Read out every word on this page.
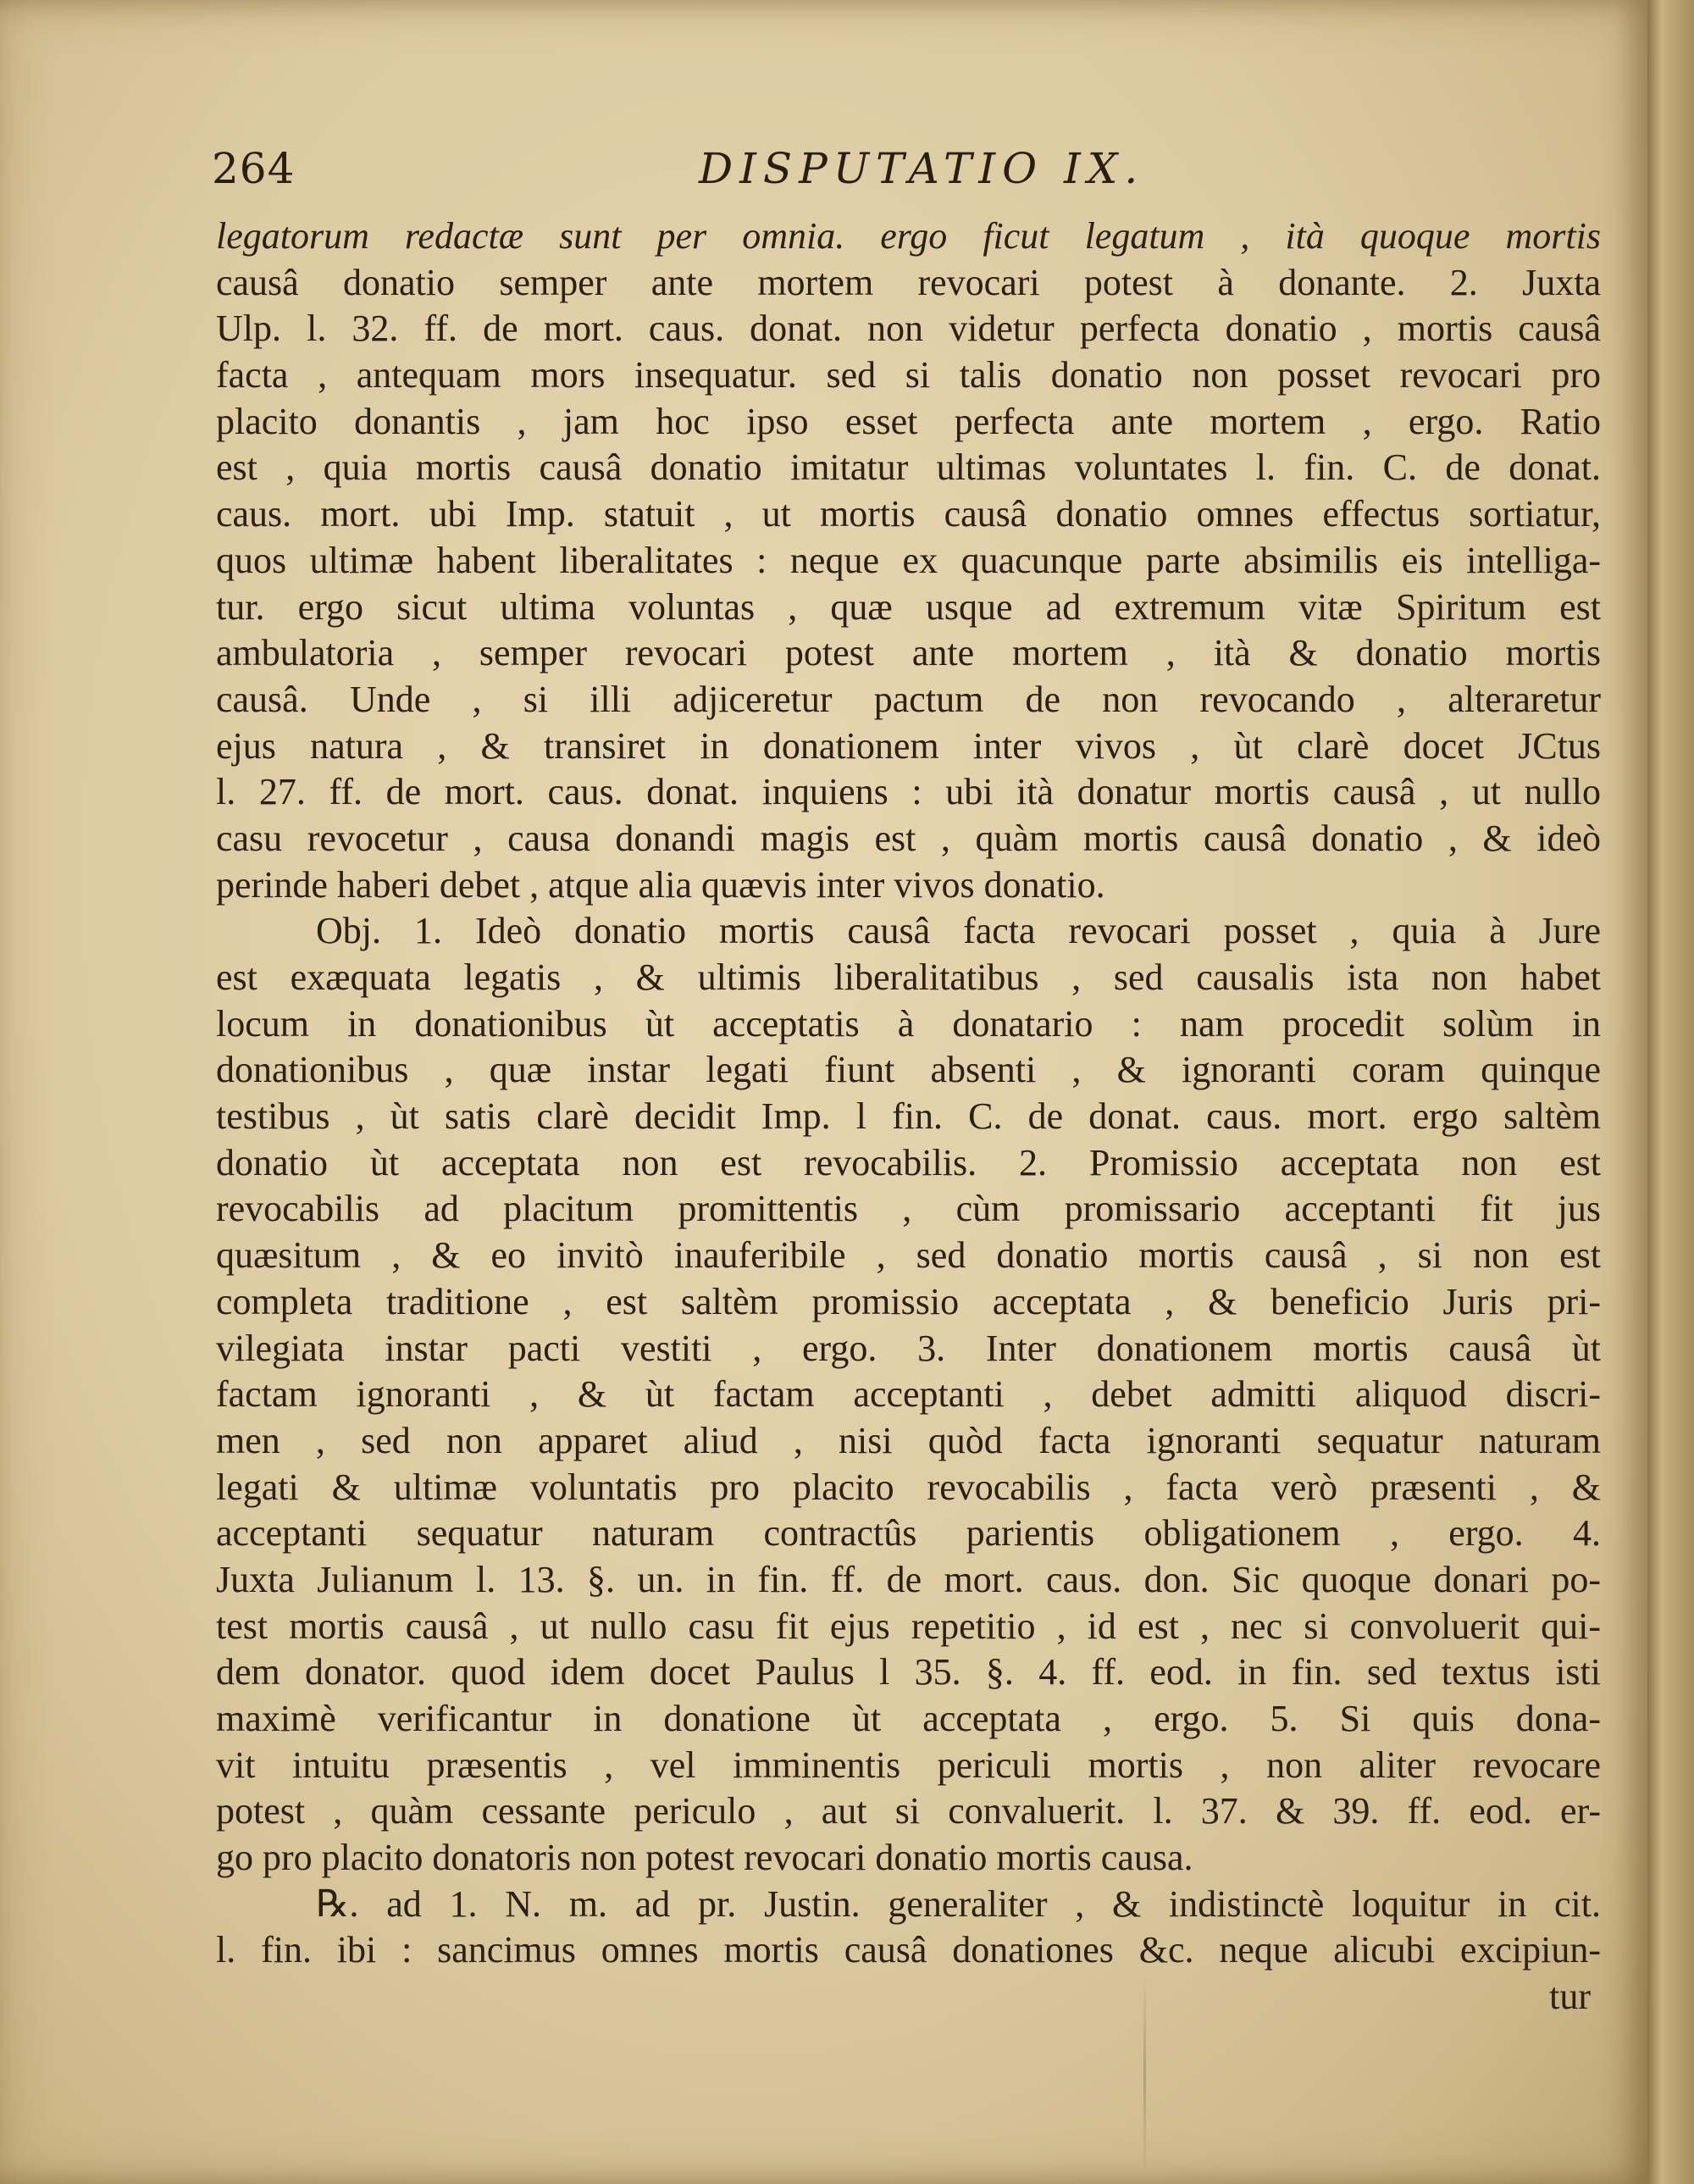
264	DISPUTATIO IX.
legatorum redactæ sunt per omnia. ergo ficut legatum , ità quoque mortis
causâ donatio semper ante mortem revocari potest à donante. 2. Juxta
Ulp. l. 32. ff. de mort. caus. donat. non videtur perfecta donatio , mortis causâ
facta , antequam mors insequatur. sed si talis donatio non posset revocari pro
placito donantis , jam hoc ipso esset perfecta ante mortem , ergo. Ratio
est , quia mortis causâ donatio imitatur ultimas voluntates l. fin. C. de donat.
caus. mort. ubi Imp. statuit , ut mortis causâ donatio omnes effectus sortiatur,
quos ultimæ habent liberalitates : neque ex quacunque parte absimilis eis intelliga-
tur. ergo sicut ultima voluntas , quæ usque ad extremum vitæ Spiritum est
ambulatoria , semper revocari potest ante mortem , ità & donatio mortis
causâ. Unde , si illi adjiceretur pactum de non revocando , alteraretur
ejus natura , & transiret in donationem inter vivos , ùt clarè docet JCtus
l. 27. ff. de mort. caus. donat. inquiens : ubi ità donatur mortis causâ , ut nullo
casu revocetur , causa donandi magis est , quàm mortis causâ donatio , & ideò
perinde haberi debet , atque alia quævis inter vivos donatio.
Obj. 1. Ideò donatio mortis causâ facta revocari posset , quia à Jure
est exæquata legatis , & ultimis liberalitatibus , sed causalis ista non habet
locum in donationibus ùt acceptatis à donatario : nam procedit solùm in
donationibus , quæ instar legati fiunt absenti , & ignoranti coram quinque
testibus , ùt satis clarè decidit Imp. l fin. C. de donat. caus. mort. ergo saltèm
donatio ùt acceptata non est revocabilis. 2. Promissio acceptata non est
revocabilis ad placitum promittentis , cùm promissario acceptanti fit jus
quæsitum , & eo invitò inauferibile , sed donatio mortis causâ , si non est
completa traditione , est saltèm promissio acceptata , & beneficio Juris pri-
vilegiata instar pacti vestiti , ergo. 3. Inter donationem mortis causâ ùt
factam ignoranti , & ùt factam acceptanti , debet admitti aliquod discri-
men , sed non apparet aliud , nisi quòd facta ignoranti sequatur naturam
legati & ultimæ voluntatis pro placito revocabilis , facta verò præsenti , &
acceptanti sequatur naturam contractûs parientis obligationem , ergo. 4.
Juxta Julianum l. 13. §. un. in fin. ff. de mort. caus. don. Sic quoque donari po-
test mortis causâ , ut nullo casu fit ejus repetitio , id est , nec si convoluerit qui-
dem donator. quod idem docet Paulus l 35. §. 4. ff. eod. in fin. sed textus isti
maximè verificantur in donatione ùt acceptata , ergo. 5. Si quis dona-
vit intuitu præsentis , vel imminentis periculi mortis , non aliter revocare
potest , quàm cessante periculo , aut si convaluerit. l. 37. & 39. ff. eod. er-
go pro placito donatoris non potest revocari donatio mortis causa.
℞. ad 1. N. m. ad pr. Justin. generaliter , & indistinctè loquitur in cit.
l. fin. ibi : sancimus omnes mortis causâ donationes &c. neque alicubi excipiun-
tur
